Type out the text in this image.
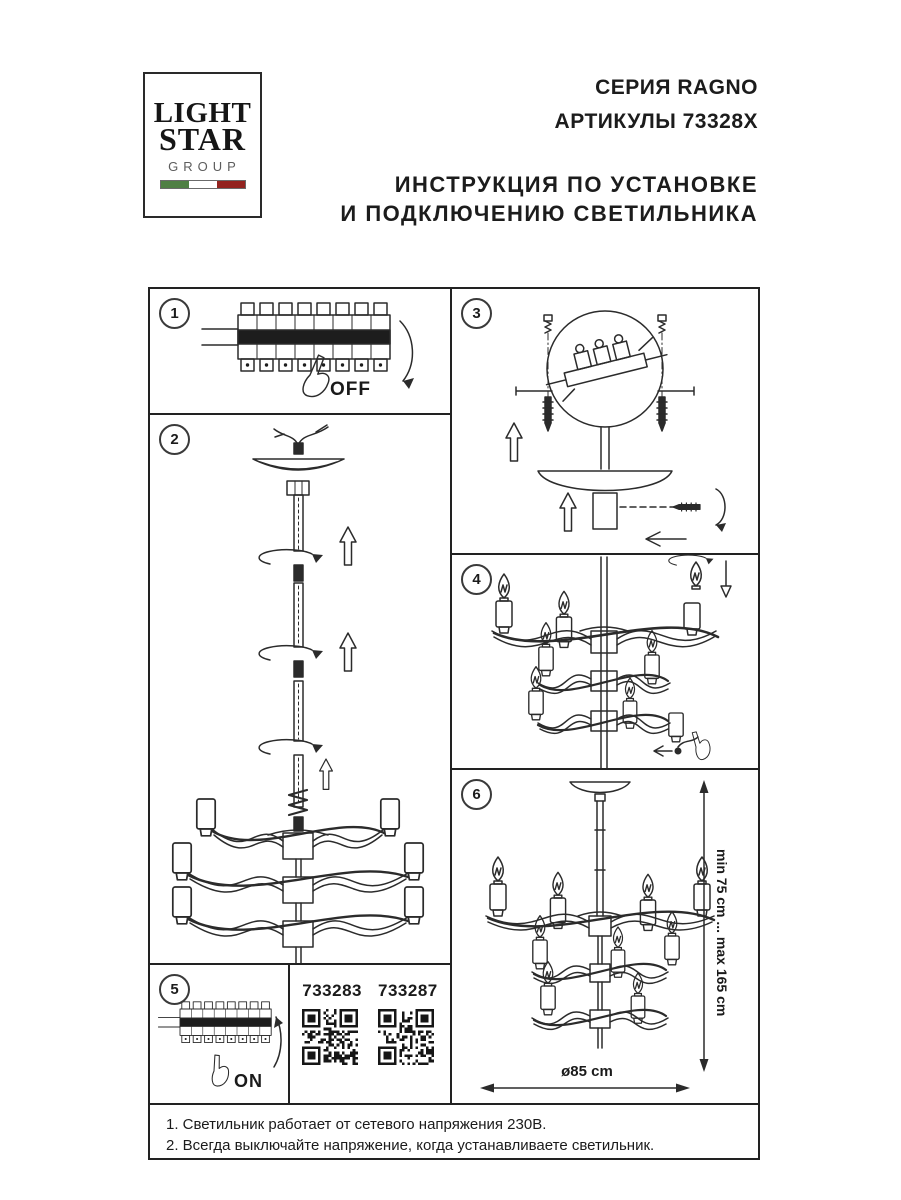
LIGHT
STAR
GROUP
СЕРИЯ RAGNO
АРТИКУЛЫ 73328X
ИНСТРУКЦИЯ ПО УСТАНОВКЕ
И ПОДКЛЮЧЕНИЮ СВЕТИЛЬНИКА
1
OFF
2
3
4
6
min 75 cm ... max 165 cm
ø85 cm
5
ON
733283 733287
1. Светильник работает от сетевого напряжения 230В.
2. Всегда выключайте напряжение, когда устанавливаете светильник.
